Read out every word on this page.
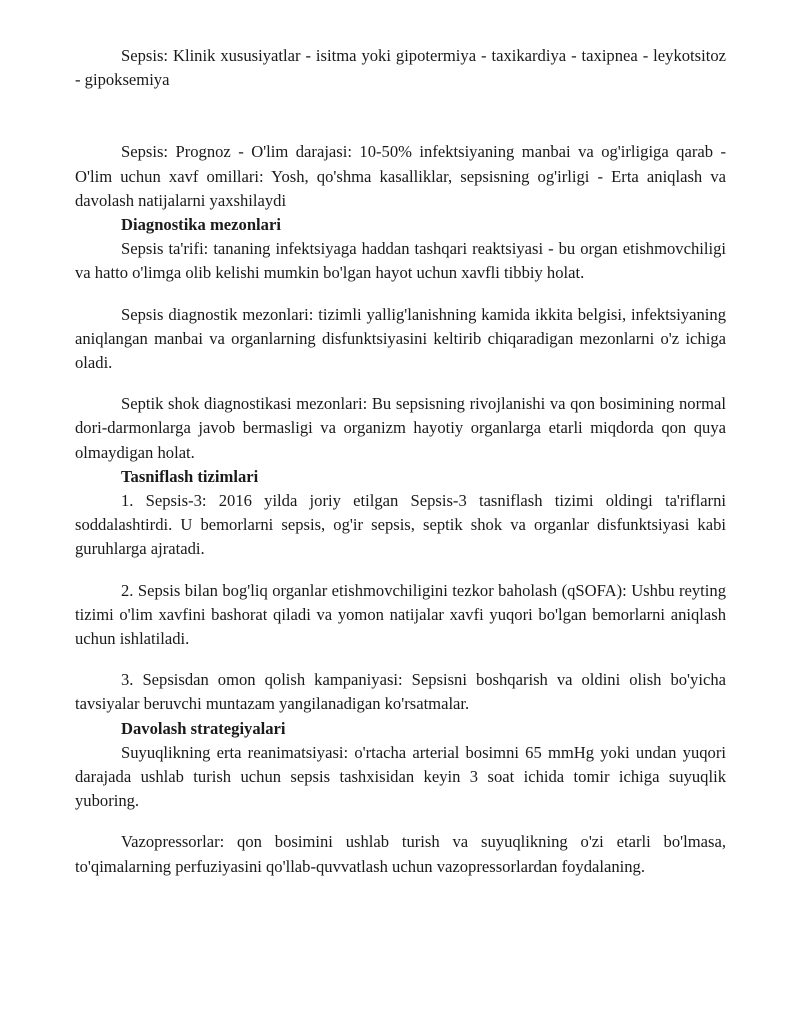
Sepsis: Klinik xususiyatlar - isitma yoki gipotermiya - taxikardiya - taxipnea - leykotsitoz - gipoksemiya

Sepsis: Prognoz - O'lim darajasi: 10-50% infektsiyaning manbai va og'irligiga qarab - O'lim uchun xavf omillari: Yosh, qo'shma kasalliklar, sepsisning og'irligi - Erta aniqlash va davolash natijalarni yaxshilaydi

Diagnostika mezonlari

Sepsis ta'rifi: tananing infektsiyaga haddan tashqari reaktsiyasi - bu organ etishmovchiligi va hatto o'limga olib kelishi mumkin bo'lgan hayot uchun xavfli tibbiy holat.

Sepsis diagnostik mezonlari: tizimli yallig'lanishning kamida ikkita belgisi, infektsiyaning aniqlangan manbai va organlarning disfunktsiyasini keltirib chiqaradigan mezonlarni o'z ichiga oladi.

Septik shok diagnostikasi mezonlari: Bu sepsisning rivojlanishi va qon bosimining normal dori-darmonlarga javob bermasligi va organizm hayotiy organlarga etarli miqdorda qon quya olmaydigan holat.

Tasniflash tizimlari

1. Sepsis-3: 2016 yilda joriy etilgan Sepsis-3 tasniflash tizimi oldingi ta'riflarni soddalashtirdi. U bemorlarni sepsis, og'ir sepsis, septik shok va organlar disfunktsiyasi kabi guruhlarga ajratadi.

2. Sepsis bilan bog'liq organlar etishmovchiligini tezkor baholash (qSOFA): Ushbu reyting tizimi o'lim xavfini bashorat qiladi va yomon natijalar xavfi yuqori bo'lgan bemorlarni aniqlash uchun ishlatiladi.

3. Sepsisdan omon qolish kampaniyasi: Sepsisni boshqarish va oldini olish bo'yicha tavsiyalar beruvchi muntazam yangilanadigan ko'rsatmalar.

Davolash strategiyalari

Suyuqlikning erta reanimatsiyasi: o'rtacha arterial bosimni 65 mmHg yoki undan yuqori darajada ushlab turish uchun sepsis tashxisidan keyin 3 soat ichida tomir ichiga suyuqlik yuboring.

Vazopressorlar: qon bosimini ushlab turish va suyuqlikning o'zi etarli bo'lmasa, to'qimalarning perfuziyasini qo'llab-quvvatlash uchun vazopressorlardan foydalaning.
